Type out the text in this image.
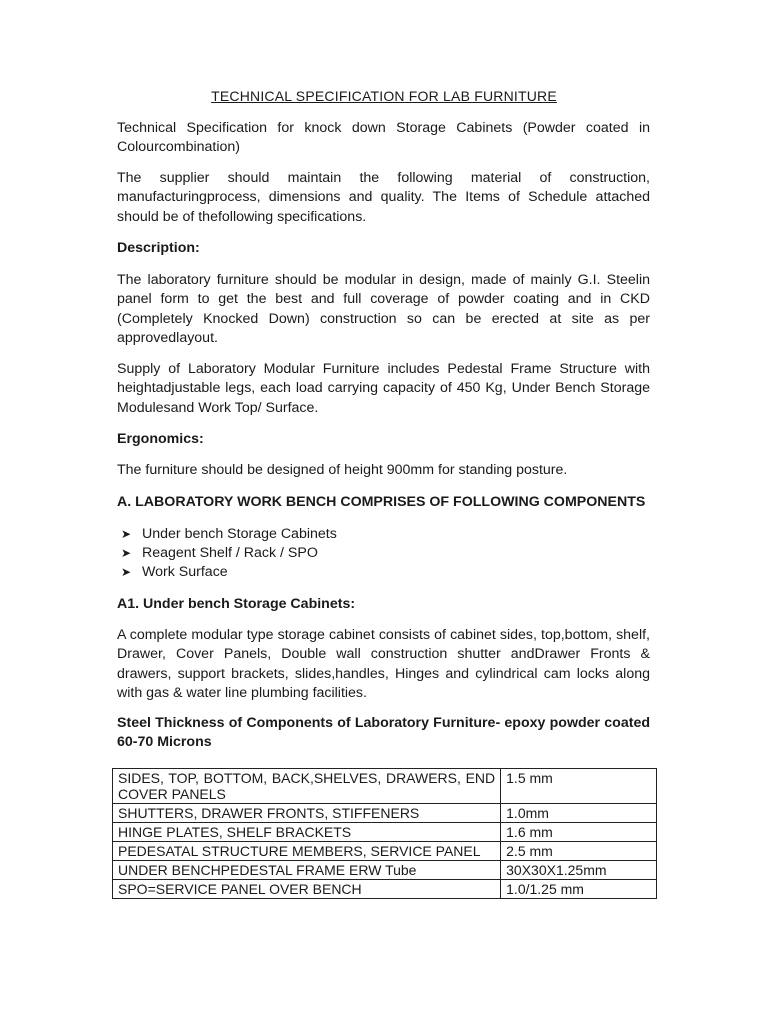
TECHNICAL SPECIFICATION FOR LAB FURNITURE

Technical Specification for knock down Storage Cabinets (Powder coated in Colourcombination)

The supplier should maintain the following material of construction, manufacturingprocess, dimensions and quality. The Items of Schedule attached should be of thefollowing specifications.

Description:

The laboratory furniture should be modular in design, made of mainly G.I. Steelin panel form to get the best and full coverage of powder coating and in CKD (Completely Knocked Down) construction so can be erected at site as per approvedlayout.

Supply of Laboratory Modular Furniture includes Pedestal Frame Structure with heightadjustable legs, each load carrying capacity of 450 Kg, Under Bench Storage Modulesand Work Top/ Surface.

Ergonomics:

The furniture should be designed of height 900mm for standing posture.

A. LABORATORY WORK BENCH COMPRISES OF FOLLOWING COMPONENTS

➤ Under bench Storage Cabinets
➤ Reagent Shelf / Rack / SPO
➤ Work Surface

A1. Under bench Storage Cabinets:

A complete modular type storage cabinet consists of cabinet sides, top,bottom, shelf, Drawer, Cover Panels, Double wall construction shutter andDrawer Fronts & drawers, support brackets, slides,handles, Hinges and cylindrical cam locks along with gas & water line plumbing facilities.

Steel Thickness of Components of Laboratory Furniture- epoxy powder coated 60-70 Microns

SIDES, TOP, BOTTOM, BACK,SHELVES, DRAWERS, END COVER PANELS	1.5 mm
SHUTTERS, DRAWER FRONTS, STIFFENERS	1.0mm
HINGE PLATES, SHELF BRACKETS	1.6 mm
PEDESATAL STRUCTURE MEMBERS, SERVICE PANEL	2.5 mm
UNDER BENCHPEDESTAL FRAME ERW Tube	30X30X1.25mm
SPO=SERVICE PANEL OVER BENCH	1.0/1.25 mm
